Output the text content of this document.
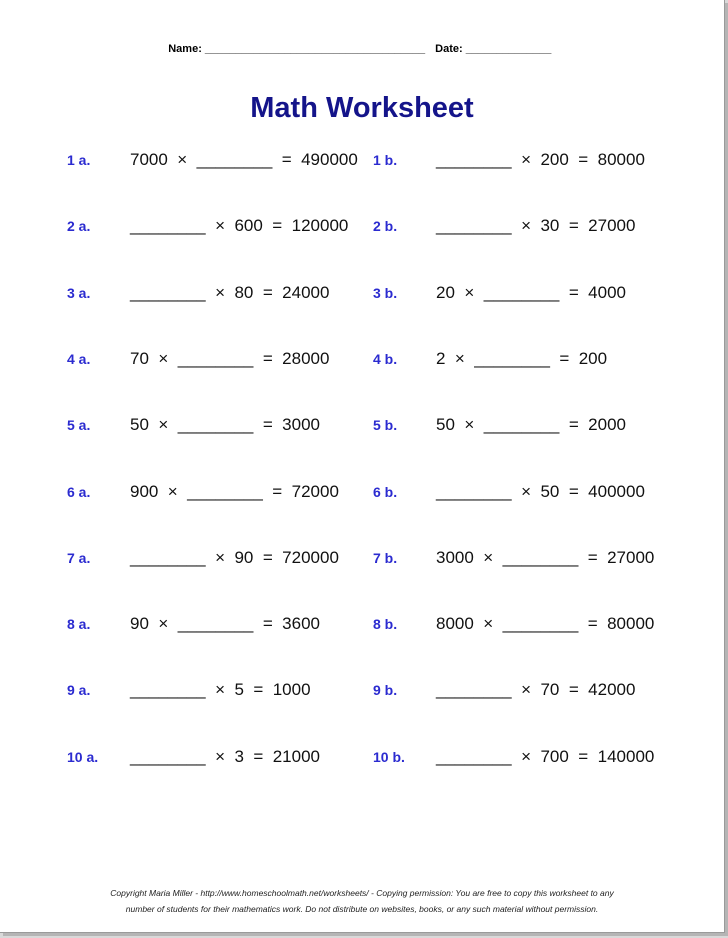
Name: ____________________________________ Date: ______________

Math Worksheet
1 a. 7000  ×  ________  =  490000
2 a. ________  ×  600  =  120000
3 a. ________  ×  80  =  24000
4 a. 70  ×  ________  =  28000
5 a. 50  ×  ________  =  3000
6 a. 900  ×  ________  =  72000
7 a. ________  ×  90  =  720000
8 a. 90  ×  ________  =  3600
9 a. ________  ×  5  =  1000
10 a. ________  ×  3  =  21000
1 b. ________  ×  200  =  80000
2 b. ________  ×  30  =  27000
3 b. 20  ×  ________  =  4000
4 b. 2  ×  ________  =  200
5 b. 50  ×  ________  =  2000
6 b. ________  ×  50  =  400000
7 b. 3000  ×  ________  =  27000
8 b. 8000  ×  ________  =  80000
9 b. ________  ×  70  =  42000
10 b. ________  ×  700  =  140000
Copyright Maria Miller - http://www.homeschoolmath.net/worksheets/ - Copying permission: You are free to copy this worksheet to any
number of students for their mathematics work. Do not distribute on websites, books, or any such material without permission.
